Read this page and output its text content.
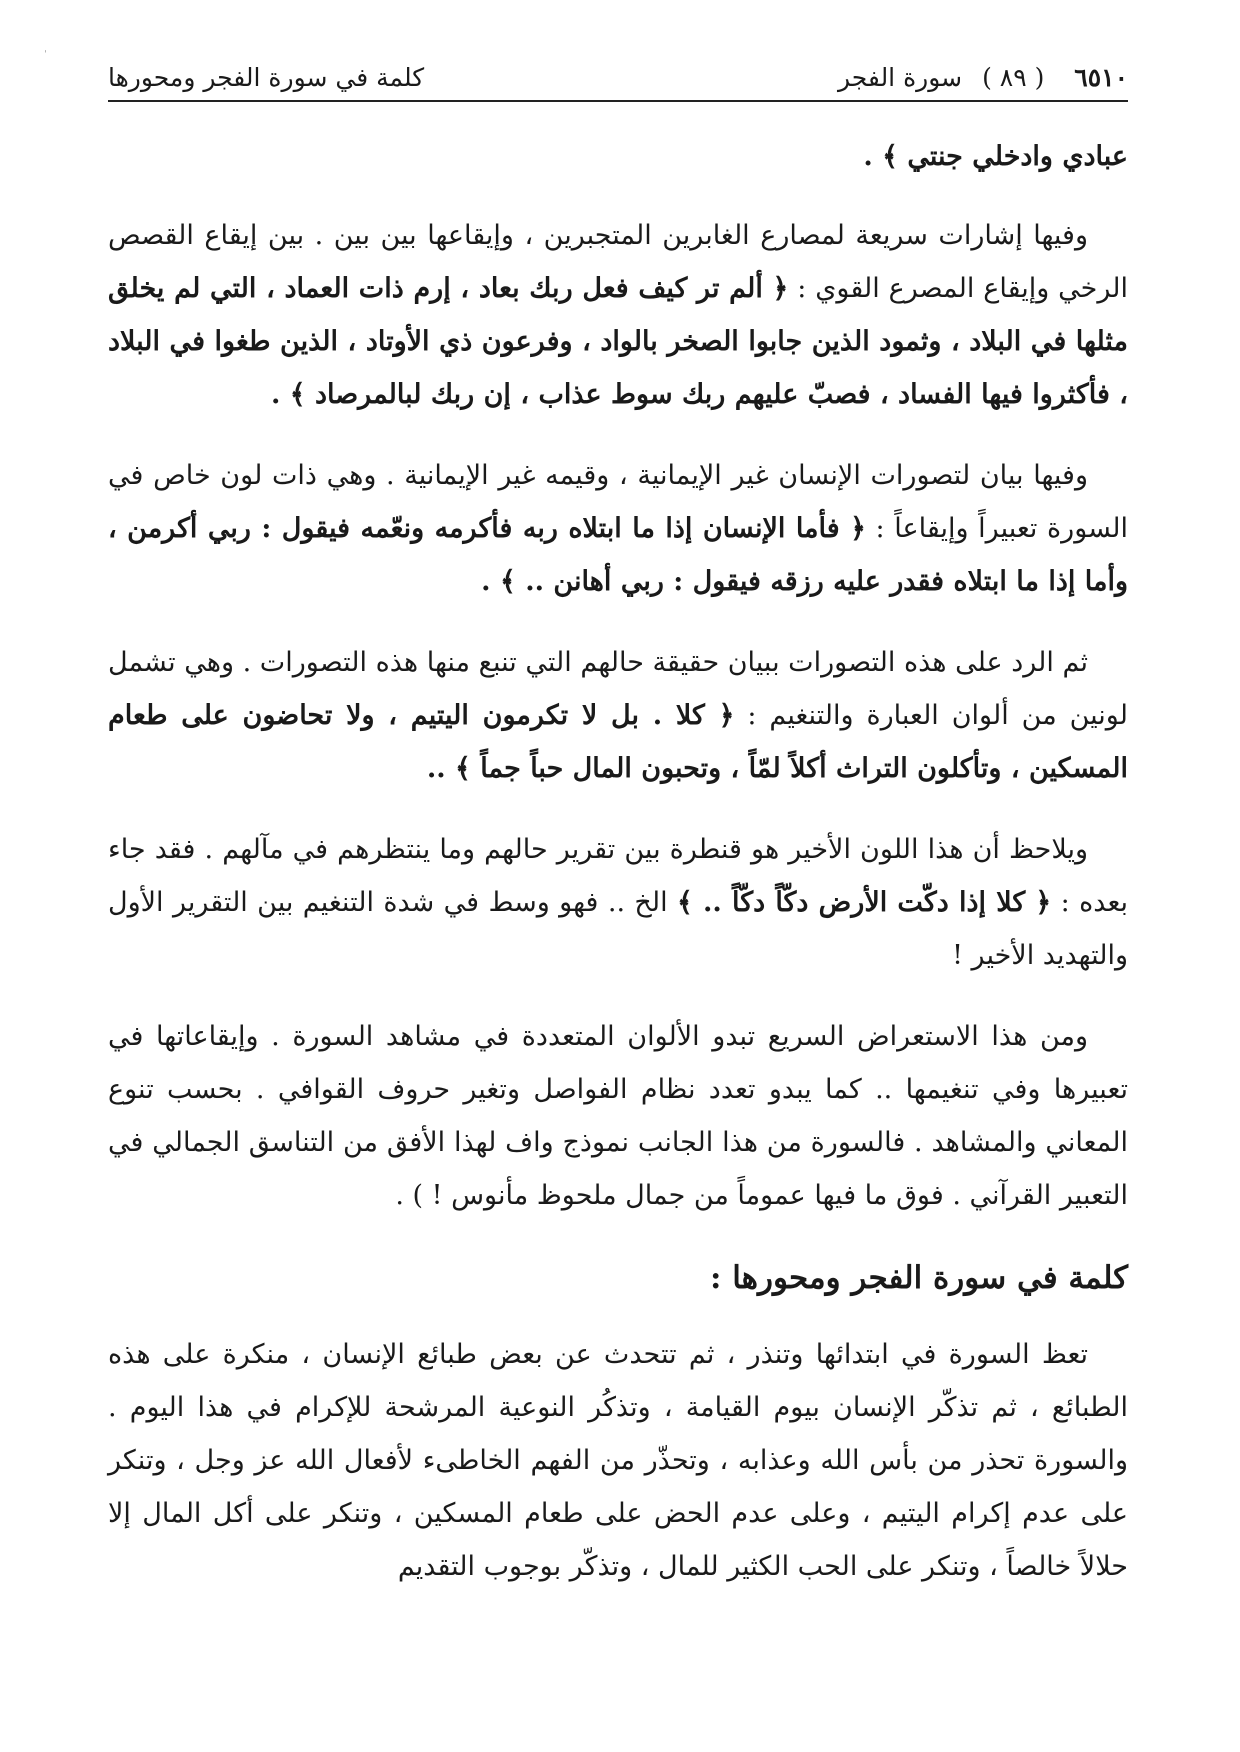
ˈ
٦٥١٠ ( ٨٩ ) سورة الفجر
كلمة في سورة الفجر ومحورها

عبادي وادخلي جنتي ﴾ .

وفيها إشارات سريعة لمصارع الغابرين المتجبرين ، وإيقاعها بين بين . بين إيقاع القصص الرخي وإيقاع المصرع القوي : ﴿ ألم تر كيف فعل ربك بعاد ، إرم ذات العماد ، التي لم يخلق مثلها في البلاد ، وثمود الذين جابوا الصخر بالواد ، وفرعون ذي الأوتاد ، الذين طغوا في البلاد ، فأكثروا فيها الفساد ، فصبّ عليهم ربك سوط عذاب ، إن ربك لبالمرصاد ﴾ .

وفيها بيان لتصورات الإنسان غير الإيمانية ، وقيمه غير الإيمانية . وهي ذات لون خاص في السورة تعبيراً وإيقاعاً : ﴿ فأما الإنسان إذا ما ابتلاه ربه فأكرمه ونعّمه فيقول : ربي أكرمن ، وأما إذا ما ابتلاه فقدر عليه رزقه فيقول : ربي أهانن .. ﴾ .

ثم الرد على هذه التصورات ببيان حقيقة حالهم التي تنبع منها هذه التصورات . وهي تشمل لونين من ألوان العبارة والتنغيم : ﴿ كلا . بل لا تكرمون اليتيم ، ولا تحاضون على طعام المسكين ، وتأكلون التراث أكلاً لمّاً ، وتحبون المال حباً جماً ﴾ ..

ويلاحظ أن هذا اللون الأخير هو قنطرة بين تقرير حالهم وما ينتظرهم في مآلهم . فقد جاء بعده : ﴿ كلا إذا دكّت الأرض دكّاً دكّاً .. ﴾ الخ .. فهو وسط في شدة التنغيم بين التقرير الأول والتهديد الأخير !

ومن هذا الاستعراض السريع تبدو الألوان المتعددة في مشاهد السورة . وإيقاعاتها في تعبيرها وفي تنغيمها .. كما يبدو تعدد نظام الفواصل وتغير حروف القوافي . بحسب تنوع المعاني والمشاهد . فالسورة من هذا الجانب نموذج واف لهذا الأفق من التناسق الجمالي في التعبير القرآني . فوق ما فيها عموماً من جمال ملحوظ مأنوس ! ) .

كلمة في سورة الفجر ومحورها :

تعظ السورة في ابتدائها وتنذر ، ثم تتحدث عن بعض طبائع الإنسان ، منكرة على هذه الطبائع ، ثم تذكّر الإنسان بيوم القيامة ، وتذكُر النوعية المرشحة للإكرام في هذا اليوم . والسورة تحذر من بأس الله وعذابه ، وتحذّر من الفهم الخاطىء لأفعال الله عز وجل ، وتنكر على عدم إكرام اليتيم ، وعلى عدم الحض على طعام المسكين ، وتنكر على أكل المال إلا حلالاً خالصاً ، وتنكر على الحب الكثير للمال ، وتذكّر بوجوب التقديم
